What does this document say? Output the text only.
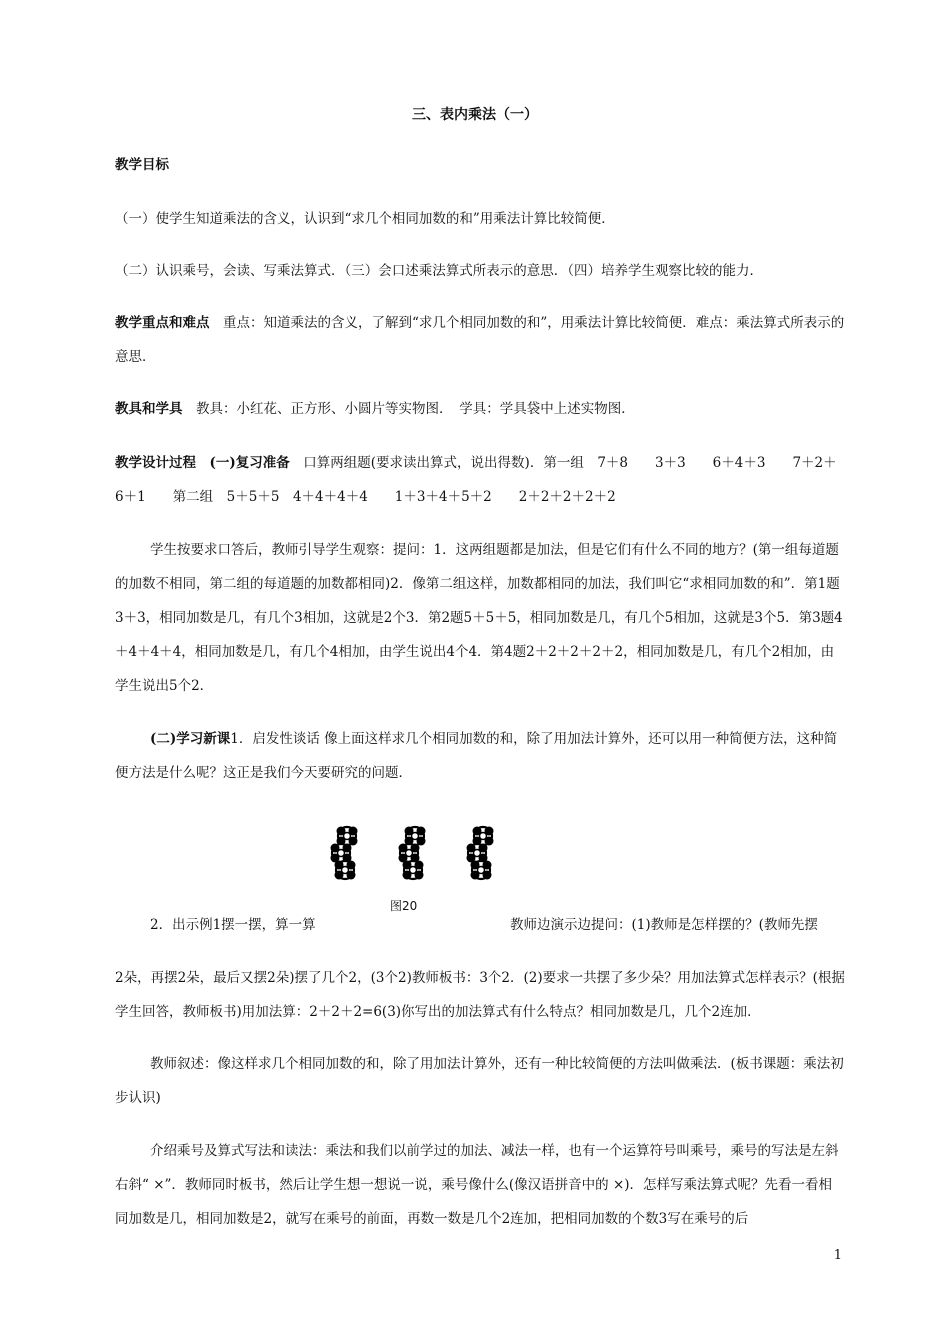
三、表内乘法（一）
教学目标
（一）使学生知道乘法的含义，认识到“求几个相同加数的和”用乘法计算比较简便．
（二）认识乘号，会读、写乘法算式．（三）会口述乘法算式所表示的意思．（四）培养学生观察比较的能力．
教学重点和难点　 重点：知道乘法的含义，了解到“求几个相同加数的和”，用乘法计算比较简便．难点：乘法算式所表示的意思．
教具和学具　 教具：小红花、正方形、小圆片等实物图．　学具：学具袋中上述实物图．
教学设计过程　 (一)复习准备　 口算两组题(要求读出算式，说出得数)．第一组　7＋8　　3＋3　　6＋4＋3　　7＋2＋6＋1　　第二组　5＋5＋5　4＋4＋4＋4　　1＋3＋4＋5＋2　　2＋2＋2＋2＋2
学生按要求口答后，教师引导学生观察：提问：1．这两组题都是加法，但是它们有什么不同的地方？(第一组每道题的加数不相同，第二组的每道题的加数都相同)2．像第二组这样，加数都相同的加法，我们叫它“求相同加数的和”．第1题3＋3，相同加数是几，有几个3相加，这就是2个3．第2题5＋5＋5，相同加数是几，有几个5相加，这就是3个5．第3题4＋4＋4＋4，相同加数是几，有几个4相加，由学生说出4个4．第4题2＋2＋2＋2＋2，相同加数是几，有几个2相加，由学生说出5个2．
(二)学习新课1．启发性谈话 像上面这样求几个相同加数的和，除了用加法计算外，还可以用一种简便方法，这种简便方法是什么呢？这正是我们今天要研究的问题．
图20
2．出示例1摆一摆，算一算	教师边演示边提问：(1)教师是怎样摆的？(教师先摆
2朵，再摆2朵，最后又摆2朵)摆了几个2，(3个2)教师板书：3个2．(2)要求一共摆了多少朵？用加法算式怎样表示？(根据学生回答，教师板书)用加法算：2＋2＋2=6(3)你写出的加法算式有什么特点？相同加数是几，几个2连加．
教师叙述：像这样求几个相同加数的和，除了用加法计算外，还有一种比较简便的方法叫做乘法．(板书课题：乘法初步认识)
介绍乘号及算式写法和读法：乘法和我们以前学过的加法、减法一样，也有一个运算符号叫乘号，乘号的写法是左斜右斜“ ×”．教师同时板书，然后让学生想一想说一说，乘号像什么(像汉语拼音中的 ×)．怎样写乘法算式呢？先看一看相同加数是几，相同加数是2，就写在乘号的前面，再数一数是几个2连加，把相同加数的个数3写在乘号的后
1
